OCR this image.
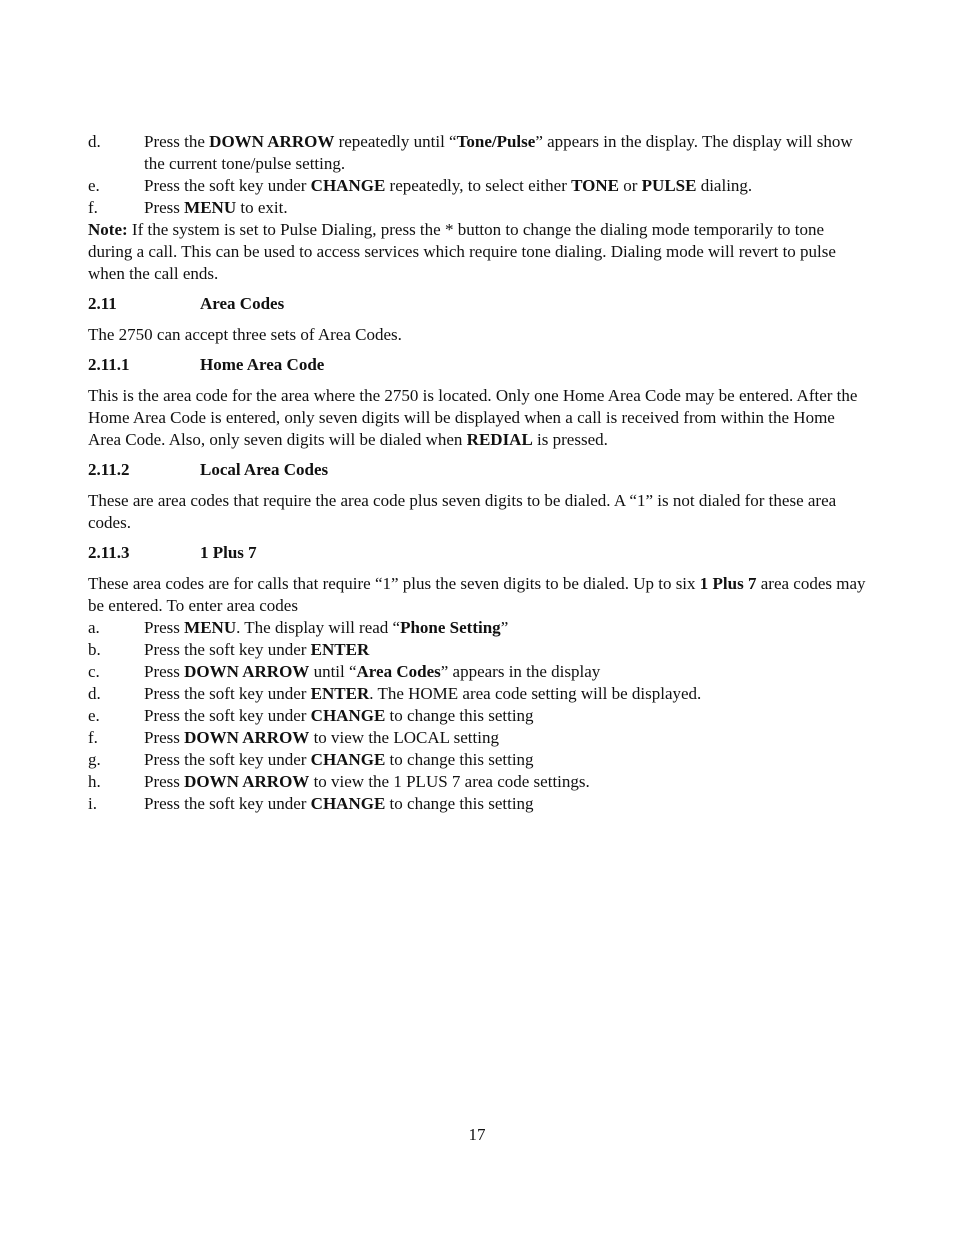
d.	Press the DOWN ARROW repeatedly until “Tone/Pulse” appears in the display. The display will show the current tone/pulse setting.
e.	Press the soft key under CHANGE repeatedly, to select either TONE or PULSE dialing.
f.	Press MENU to exit.
Note: If the system is set to Pulse Dialing, press the * button to change the dialing mode temporarily to tone during a call. This can be used to access services which require tone dialing. Dialing mode will revert to pulse when the call ends.
2.11	Area Codes
The 2750 can accept three sets of Area Codes.
2.11.1	Home Area Code
This is the area code for the area where the 2750 is located. Only one Home Area Code may be entered. After the Home Area Code is entered, only seven digits will be displayed when a call is received from within the Home Area Code. Also, only seven digits will be dialed when REDIAL is pressed.
2.11.2	Local Area Codes
These are area codes that require the area code plus seven digits to be dialed. A “1” is not dialed for these area codes.
2.11.3	1 Plus 7
These area codes are for calls that require “1” plus the seven digits to be dialed. Up to six 1 Plus 7 area codes may be entered. To enter area codes
a.	Press MENU. The display will read “Phone Setting”
b.	Press the soft key under ENTER
c.	Press DOWN ARROW until “Area Codes” appears in the display
d.	Press the soft key under ENTER. The HOME area code setting will be displayed.
e.	Press the soft key under CHANGE to change this setting
f.	Press DOWN ARROW to view the LOCAL setting
g.	Press the soft key under CHANGE to change this setting
h.	Press DOWN ARROW to view the 1 PLUS 7 area code settings.
i.	Press the soft key under CHANGE to change this setting
17
